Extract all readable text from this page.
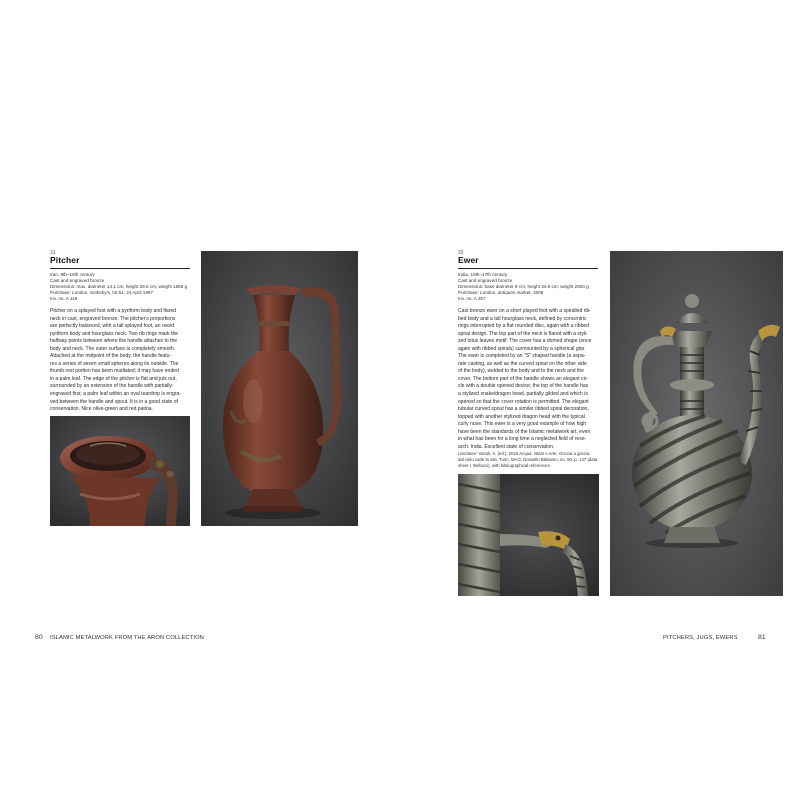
31
Pitcher
Iran, 9th–10th century
Cast and engraved bronze
Dimensions: max. diameter 14.1 cm; height 29.8 cm; weight 1566 g
Purchase: London, Sotheby's, lot 54, 24 April 1997
Inv. no. A 118
Pitcher on a splayed foot with a pyriform body and flared
neck in cast, engraved bronze. The pitcher's proportions
are perfectly balanced, with a tall splayed foot, an ovoid
pyriform body and hourglass neck. Two rib rings mark the
halfway points between where the handle attaches to the
body and neck. The outer surface is completely smooth.
Attached at the midpoint of the body, the handle featu-
res a series of seven small spheres along its outside. The
thumb rest portion has been mutilated; it may have ended
in a palm leaf. The edge of the pitcher is flat and juts out,
surrounded by an extension of the handle with partially-
engraved fins; a palm leaf within an oval teardrop is engra-
ved between the handle and spout. It is in a good state of
conservation. Nice olive-green and red patina.
80 ISLAMIC METALWORK FROM THE ARON COLLECTION
32
Ewer
India, 16th–17th century
Cast and engraved bronze
Dimensions: base diameter 9 cm; height 34.8 cm; weight 2920 g
Purchase: London, antiques market, 2008
Inv. no. A 257
Cast bronze ewer on a short played foot with a spiralled rib-
bed body and a tall hourglass neck, defined by concentric
rings interrupted by a flat rounded disc, again with a ribbed
spiral design. The top part of the neck is flared with a styli-
zed lotus leaves motif. The cover has a domed shape (once
again with ribbed spirals) surmounted by a spherical grip.
The ewer is completed by an "S" shaped handle (a sepa-
rate casting, as well as the curved spout on the other side
of the body), welded to the body and to the neck and the
cover. The bottom part of the handle shows an elegant cir-
cle with a double opened device; the top of the handle has
a stylized snake/dragon head, partially gilded and which is
opened so that the cover rotation is permitted. The elegant
tubular curved spout has a similar ribbed spiral decoration,
topped with another stylized dragon head with the typical
curly nose. This ewer is a very good example of how high
have been the standards of the Islamic metalwork art, even
in what has been for a long time a neglected field of rese-
arch: India. Excellent state of conservation.
Literature: Vanoli, A. (ed.), 2019 Acqua, Islam e Arte. Goccia a goccia
dal cielo cade la vita, Turin, MAO, Dossello Balsamo, no. 90, p. 147 (data
sheet I. Bellucci), with bibliographical references.
PITCHERS, JUGS, EWERS	81
